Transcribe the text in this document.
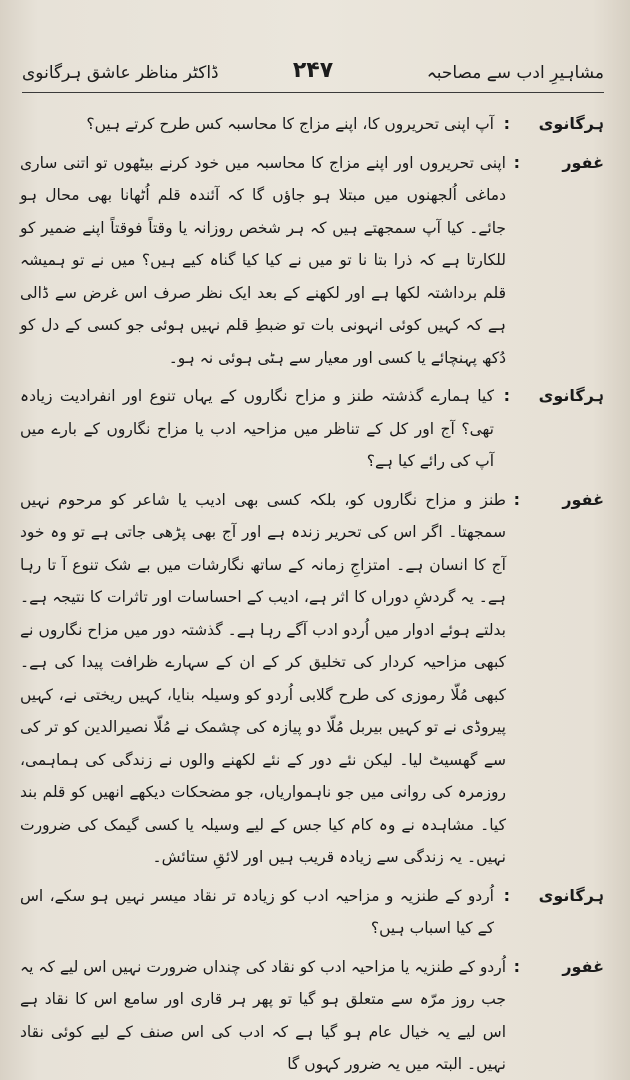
مشاہیرِ ادب سے مصاحبہ
۲۴۷
ڈاکٹر مناظر عاشق ہرگانوی
ہرگانوی
:
آپ اپنی تحریروں کا، اپنے مزاج کا محاسبہ کس طرح کرتے ہیں؟
غفور
:
اپنی تحریروں اور اپنے مزاج کا محاسبہ میں خود کرنے بیٹھوں تو اتنی ساری دماغی اُلجھنوں میں مبتلا ہو جاؤں گا کہ آئندہ قلم اُٹھانا بھی محال ہو جائے۔ کیا آپ سمجھتے ہیں کہ ہر شخص روزانہ یا وقتاً فوقتاً اپنے ضمیر کو للکارتا ہے کہ ذرا بتا نا تو میں نے کیا کیا گناہ کیے ہیں؟ میں نے تو ہمیشہ قلم برداشتہ لکھا ہے اور لکھنے کے بعد ایک نظر صرف اس غرض سے ڈالی ہے کہ کہیں کوئی انہونی بات تو ضبطِ قلم نہیں ہوئی جو کسی کے دل کو دُکھ پہنچائے یا کسی اور معیار سے ہٹی ہوئی نہ ہو۔
ہرگانوی
:
کیا ہمارے گذشتہ طنز و مزاح نگاروں کے یہاں تنوع اور انفرادیت زیادہ تھی؟ آج اور کل کے تناظر میں مزاحیہ ادب یا مزاح نگاروں کے بارے میں آپ کی رائے کیا ہے؟
غفور
:
طنز و مزاح نگاروں کو، بلکہ کسی بھی ادیب یا شاعر کو مرحوم نہیں سمجھتا۔ اگر اس کی تحریر زندہ ہے اور آج بھی پڑھی جاتی ہے تو وہ خود آج کا انسان ہے۔ امتزاجِ زمانہ کے ساتھ نگارشات میں بے شک تنوع آ تا رہا ہے۔ یہ گردشِ دوراں کا اثر ہے، ادیب کے احساسات اور تاثرات کا نتیجہ ہے۔ بدلتے ہوئے ادوار میں اُردو ادب آگے رہا ہے۔ گذشتہ دور میں مزاح نگاروں نے کبھی مزاحیہ کردار کی تخلیق کر کے ان کے سہارے ظرافت پیدا کی ہے۔ کبھی مُلّا رموزی کی طرح گلابی اُردو کو وسیلہ بنایا، کہیں ریختی نے، کہیں پیروڈی نے تو کہیں بیربل مُلّا دو پیازہ کی چشمک نے مُلّا نصیرالدین کو تر کی سے گھسیٹ لیا۔ لیکن نئے دور کے نئے لکھنے والوں نے زندگی کی ہماہمی، روزمرہ کی روانی میں جو ناہمواریاں، جو مضحکات دیکھے انھیں کو قلم بند کیا۔ مشاہدہ نے وہ کام کیا جس کے لیے وسیلہ یا کسی گیمک کی ضرورت نہیں۔ یہ زندگی سے زیادہ قریب ہیں اور لائقِ ستائش۔
ہرگانوی
:
اُردو کے طنزیہ و مزاحیہ ادب کو زیادہ تر نقاد میسر نہیں ہو سکے، اس کے کیا اسباب ہیں؟
غفور
:
اُردو کے طنزیہ یا مزاحیہ ادب کو نقاد کی چنداں ضرورت نہیں اس لیے کہ یہ جب روز مرّہ سے متعلق ہو گیا تو پھر ہر قاری اور سامع اس کا نقاد ہے اس لیے یہ خیال عام ہو گیا ہے کہ ادب کی اس صنف کے لیے کوئی نقاد نہیں۔ البتہ میں یہ ضرور کہوں گا
